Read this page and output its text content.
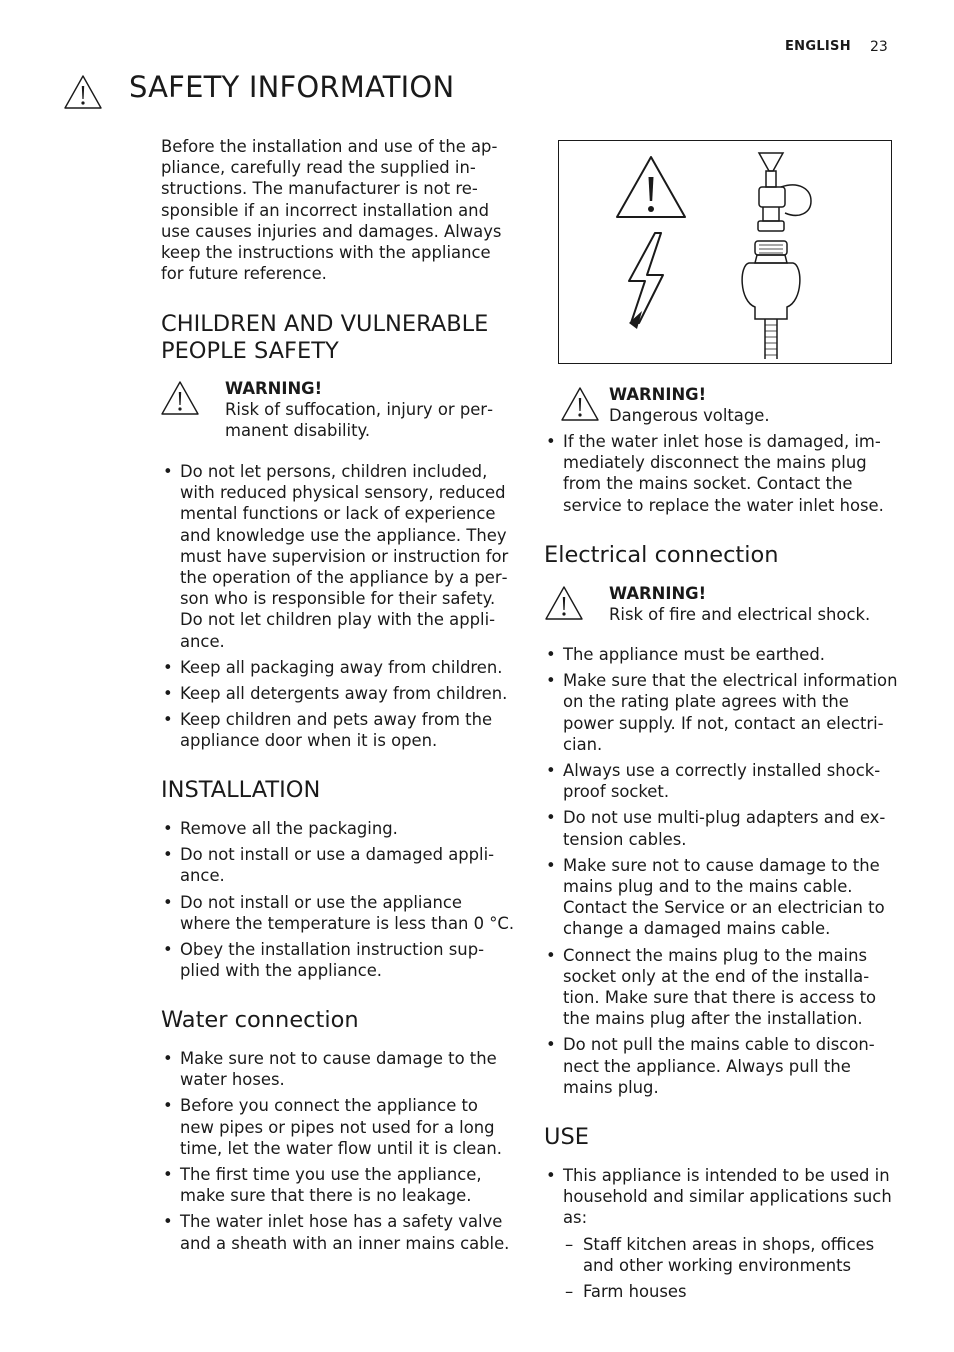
ENGLISH 23
SAFETY INFORMATION

Before the installation and use of the appliance, carefully read the supplied instructions. The manufacturer is not responsible if an incorrect installation and use causes injuries and damages. Always keep the instructions with the appliance for future reference.

CHILDREN AND VULNERABLE
PEOPLE SAFETY
WARNING!
Risk of suffocation, injury or permanent disability.
• Do not let persons, children included, with reduced physical sensory, reduced mental functions or lack of experience and knowledge use the appliance. They must have supervision or instruction for the operation of the appliance by a person who is responsible for their safety. Do not let children play with the appliance.
• Keep all packaging away from children.
• Keep all detergents away from children.
• Keep children and pets away from the appliance door when it is open.
INSTALLATION
• Remove all the packaging.
• Do not install or use a damaged appliance.
• Do not install or use the appliance where the temperature is less than 0 °C.
• Obey the installation instruction supplied with the appliance.
Water connection
• Make sure not to cause damage to the water hoses.
• Before you connect the appliance to new pipes or pipes not used for a long time, let the water flow until it is clean.
• The first time you use the appliance, make sure that there is no leakage.
• The water inlet hose has a safety valve and a sheath with an inner mains cable.
WARNING!
Dangerous voltage.
• If the water inlet hose is damaged, immediately disconnect the mains plug from the mains socket. Contact the service to replace the water inlet hose.
Electrical connection
WARNING!
Risk of fire and electrical shock.
• The appliance must be earthed.
• Make sure that the electrical information on the rating plate agrees with the power supply. If not, contact an electrician.
• Always use a correctly installed shockproof socket.
• Do not use multi-plug adapters and extension cables.
• Make sure not to cause damage to the mains plug and to the mains cable. Contact the Service or an electrician to change a damaged mains cable.
• Connect the mains plug to the mains socket only at the end of the installation. Make sure that there is access to the mains plug after the installation.
• Do not pull the mains cable to disconnect the appliance. Always pull the mains plug.
USE
• This appliance is intended to be used in household and similar applications such as:
– Staff kitchen areas in shops, offices and other working environments
– Farm houses
